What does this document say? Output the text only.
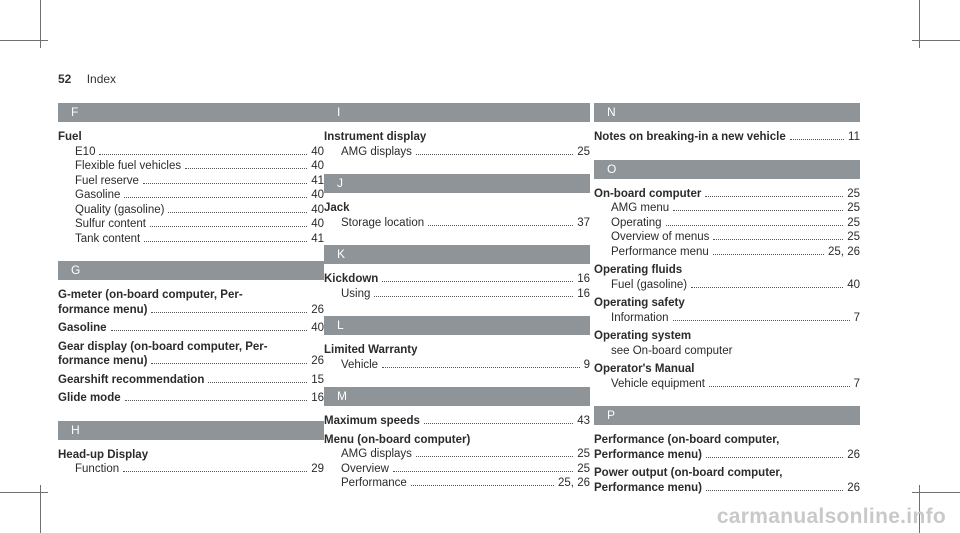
52 Index
F
Fuel
E10	40
Flexible fuel vehicles	40
Fuel reserve	41
Gasoline	40
Quality (gasoline)	40
Sulfur content	40
Tank content	41
G
G-meter (on-board computer, Per-
formance menu)	26
Gasoline	40
Gear display (on-board computer, Per-
formance menu)	26
Gearshift recommendation	15
Glide mode	16
H
Head-up Display
Function	29
I
Instrument display
AMG displays	25
J
Jack
Storage location	37
K
Kickdown	16
Using	16
L
Limited Warranty
Vehicle	9
M
Maximum speeds	43
Menu (on-board computer)
AMG displays	25
Overview	25
Performance	25, 26
N
Notes on breaking-in a new vehicle	11
O
On-board computer	25
AMG menu	25
Operating	25
Overview of menus	25
Performance menu	25, 26
Operating fluids
Fuel (gasoline)	40
Operating safety
Information	7
Operating system
see On-board computer
Operator's Manual
Vehicle equipment	7
P
Performance (on-board computer,
Performance menu)	26
Power output (on-board computer,
Performance menu)	26
carmanualsonline.info
